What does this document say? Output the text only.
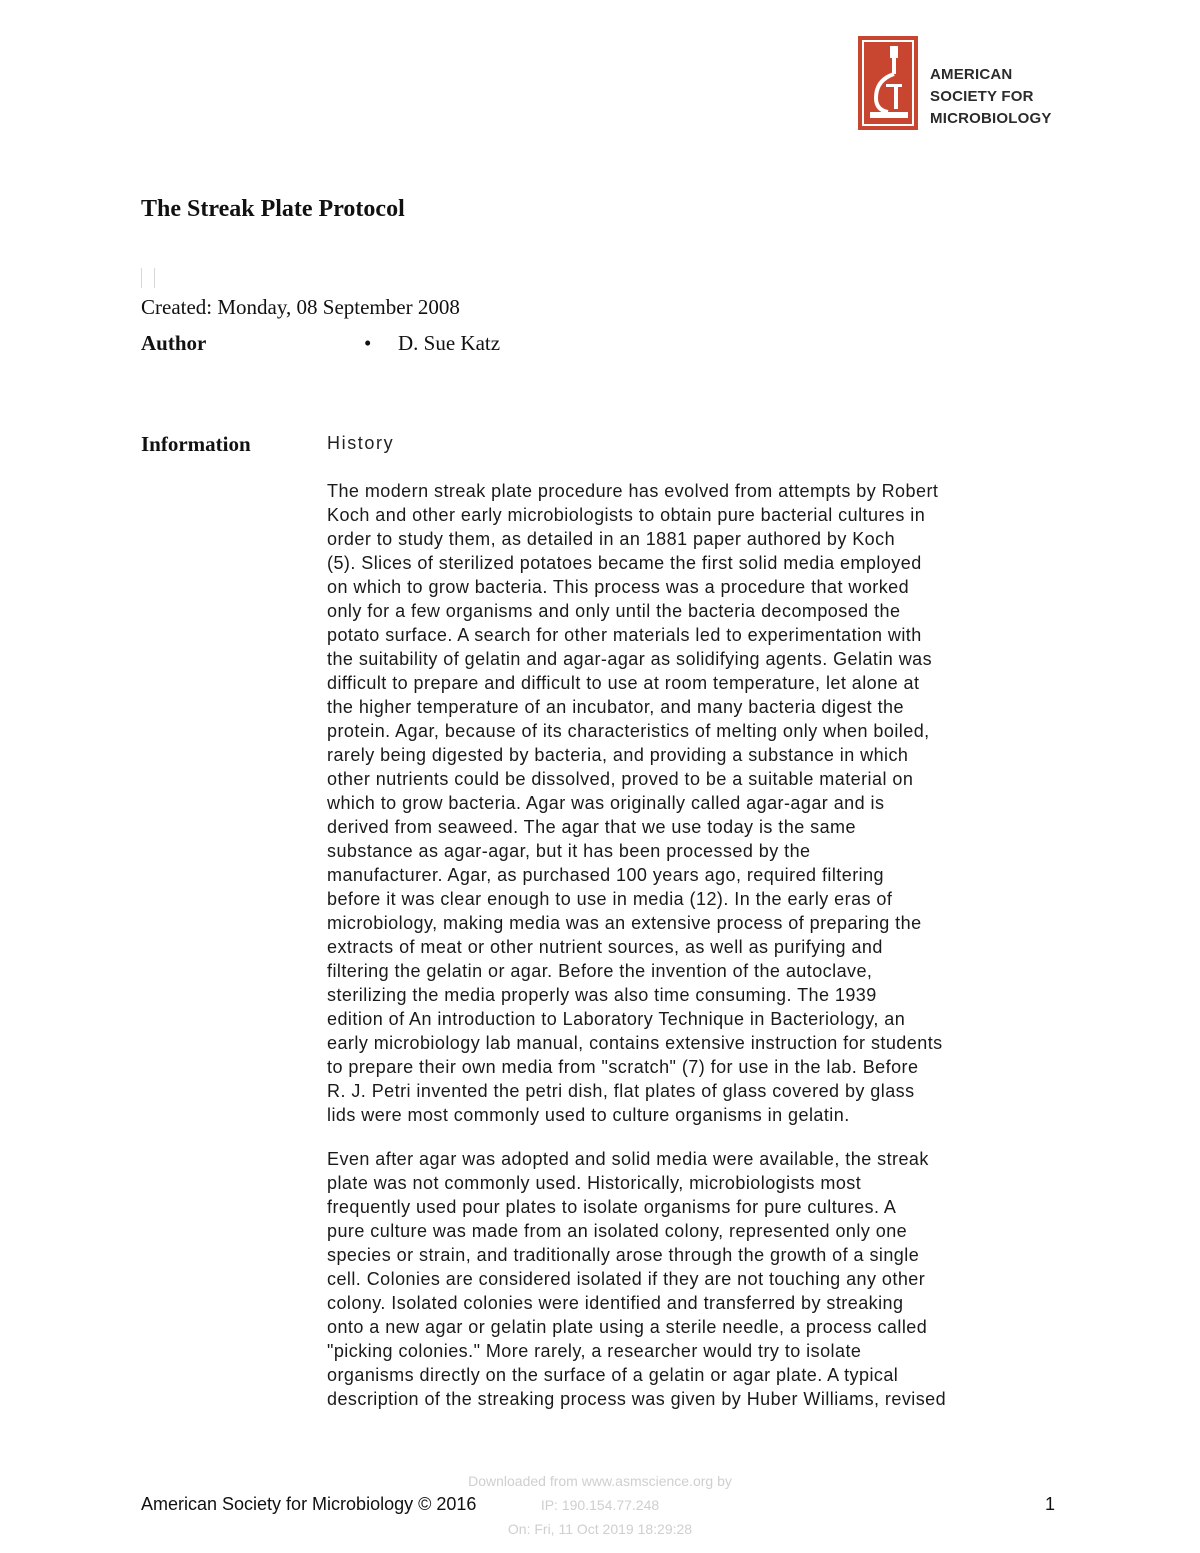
AMERICAN
SOCIETY FOR
MICROBIOLOGY
The Streak Plate Protocol
Created: Monday, 08 September 2008
Author	• D. Sue Katz
Information	History
The modern streak plate procedure has evolved from attempts by Robert
Koch and other early microbiologists to obtain pure bacterial cultures in
order to study them, as detailed in an 1881 paper authored by Koch
(5). Slices of sterilized potatoes became the first solid media employed
on which to grow bacteria. This process was a procedure that worked
only for a few organisms and only until the bacteria decomposed the
potato surface. A search for other materials led to experimentation with
the suitability of gelatin and agar-agar as solidifying agents. Gelatin was
difficult to prepare and difficult to use at room temperature, let alone at
the higher temperature of an incubator, and many bacteria digest the
protein. Agar, because of its characteristics of melting only when boiled,
rarely being digested by bacteria, and providing a substance in which
other nutrients could be dissolved, proved to be a suitable material on
which to grow bacteria. Agar was originally called agar-agar and is
derived from seaweed. The agar that we use today is the same
substance as agar-agar, but it has been processed by the
manufacturer. Agar, as purchased 100 years ago, required filtering
before it was clear enough to use in media (12). In the early eras of
microbiology, making media was an extensive process of preparing the
extracts of meat or other nutrient sources, as well as purifying and
filtering the gelatin or agar. Before the invention of the autoclave,
sterilizing the media properly was also time consuming. The 1939
edition of An introduction to Laboratory Technique in Bacteriology, an
early microbiology lab manual, contains extensive instruction for students
to prepare their own media from "scratch" (7) for use in the lab. Before
R. J. Petri invented the petri dish, flat plates of glass covered by glass
lids were most commonly used to culture organisms in gelatin.
Even after agar was adopted and solid media were available, the streak
plate was not commonly used. Historically, microbiologists most
frequently used pour plates to isolate organisms for pure cultures. A
pure culture was made from an isolated colony, represented only one
species or strain, and traditionally arose through the growth of a single
cell. Colonies are considered isolated if they are not touching any other
colony. Isolated colonies were identified and transferred by streaking
onto a new agar or gelatin plate using a sterile needle, a process called
"picking colonies." More rarely, a researcher would try to isolate
organisms directly on the surface of a gelatin or agar plate. A typical
description of the streaking process was given by Huber Williams, revised
Downloaded from www.asmscience.org by
IP: 190.154.77.248
On: Fri, 11 Oct 2019 18:29:28
American Society for Microbiology © 2016	1
